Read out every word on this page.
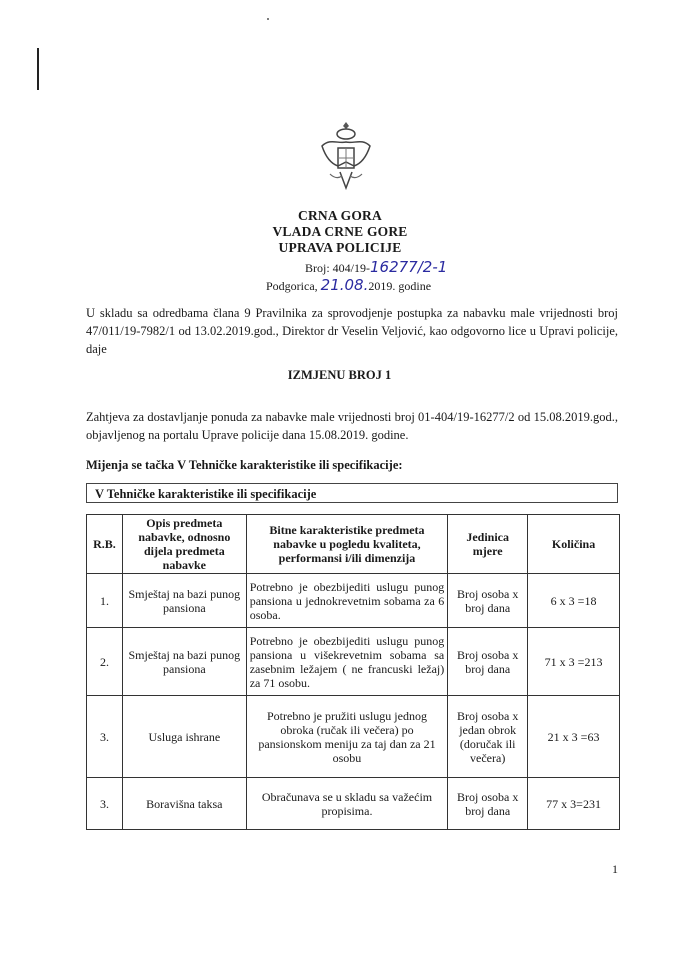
CRNA GORA
VLADA CRNE GORE
UPRAVA POLICIJE
Broj: 404/19-16277/2-1
Podgorica, 21.08.2019. godine
U skladu sa odredbama člana 9 Pravilnika za sprovodjenje postupka za nabavku male vrijednosti broj 47/011/19-7982/1 od 13.02.2019.god., Direktor dr Veselin Veljović, kao odgovorno lice u Upravi policije, daje
IZMJENU BROJ 1
Zahtjeva za dostavljanje ponuda za nabavke male vrijednosti broj 01-404/19-16277/2 od 15.08.2019.god., objavljenog na portalu Uprave policije dana 15.08.2019. godine.
Mijenja se tačka V Tehničke karakteristike ili specifikacije:
V Tehničke karakteristike ili specifikacije
R.B.	Opis predmeta nabavke, odnosno dijela predmeta nabavke	Bitne karakteristike predmeta nabavke u pogledu kvaliteta, performansi i/ili dimenzija	Jedinica mjere	Količina
1.	Smještaj na bazi punog pansiona	Potrebno je obezbijediti uslugu punog pansiona u jednokrevetnim sobama za 6 osoba.	Broj osoba x broj dana	6 x 3 =18
2.	Smještaj na bazi punog pansiona	Potrebno je obezbijediti uslugu punog pansiona u višekrevetnim sobama sa zasebnim ležajem ( ne francuski ležaj) za 71 osobu.	Broj osoba x broj dana	71 x 3 =213
3.	Usluga ishrane	Potrebno je pružiti uslugu jednog obroka (ručak ili večera) po pansionskom meniju za taj dan za 21 osobu	Broj osoba x jedan obrok (doručak ili večera)	21 x 3 =63
3.	Boravišna taksa	Obračunava se u skladu sa važećim propisima.	Broj osoba x broj dana	77 x 3=231
1
